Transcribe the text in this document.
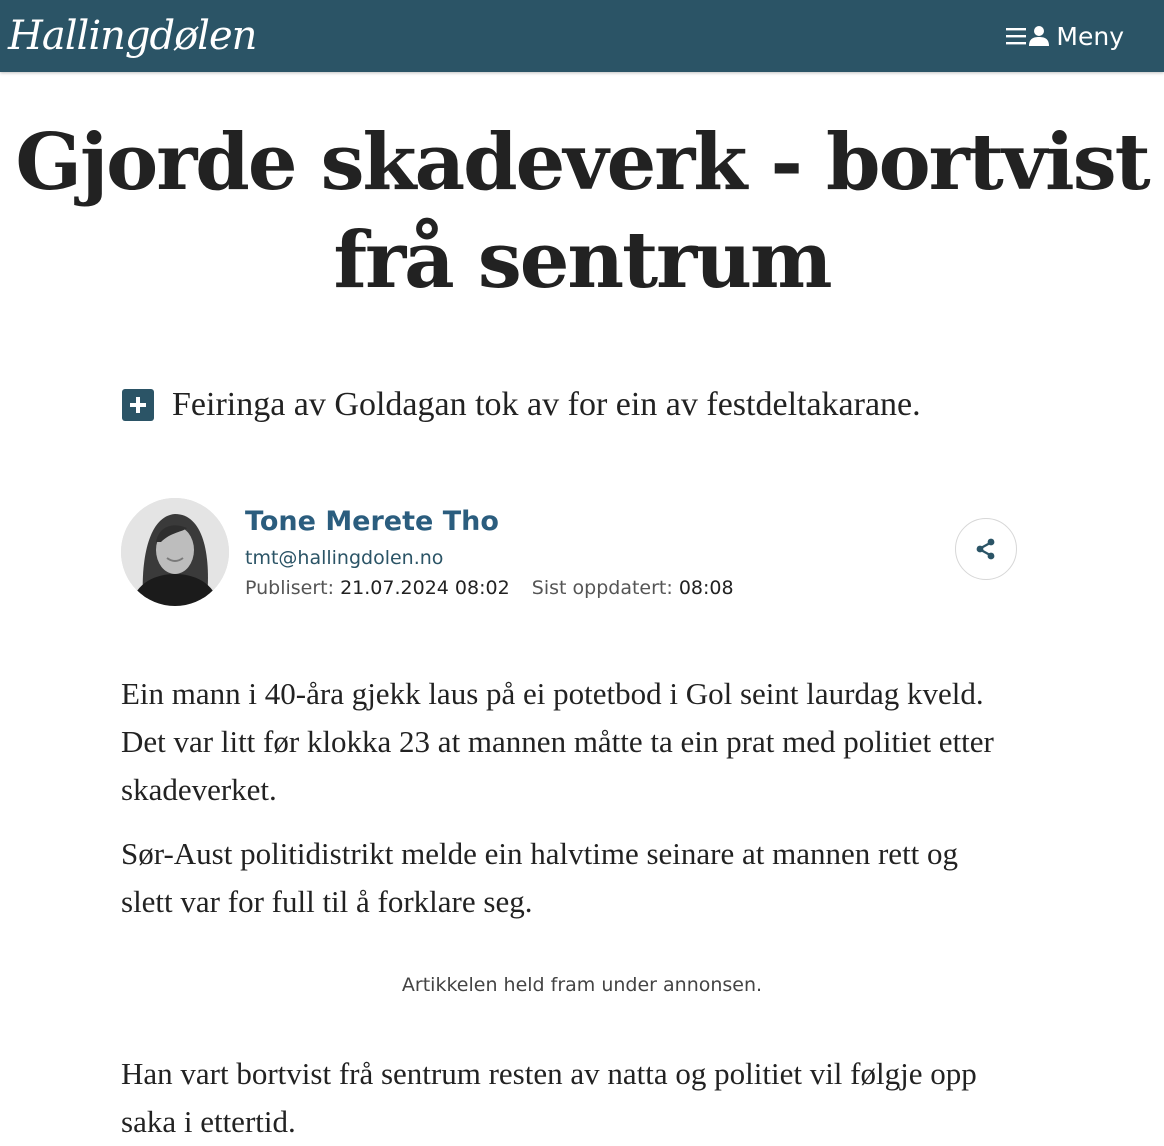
Hallingdølen	Meny
Gjorde skadeverk - bortvist frå sentrum
Feiringa av Goldagan tok av for ein av festdeltakarane.
Tone Merete Tho
tmt@hallingdolen.no
Publisert: 21.07.2024 08:02 Sist oppdatert: 08:08

Ein mann i 40-åra gjekk laus på ei potetbod i Gol seint laurdag kveld. Det var litt før klokka 23 at mannen måtte ta ein prat med politiet etter skadeverket.

Sør-Aust politidistrikt melde ein halvtime seinare at mannen rett og slett var for full til å forklare seg.

Artikkelen held fram under annonsen.

Han vart bortvist frå sentrum resten av natta og politiet vil følgje opp saka i ettertid.
